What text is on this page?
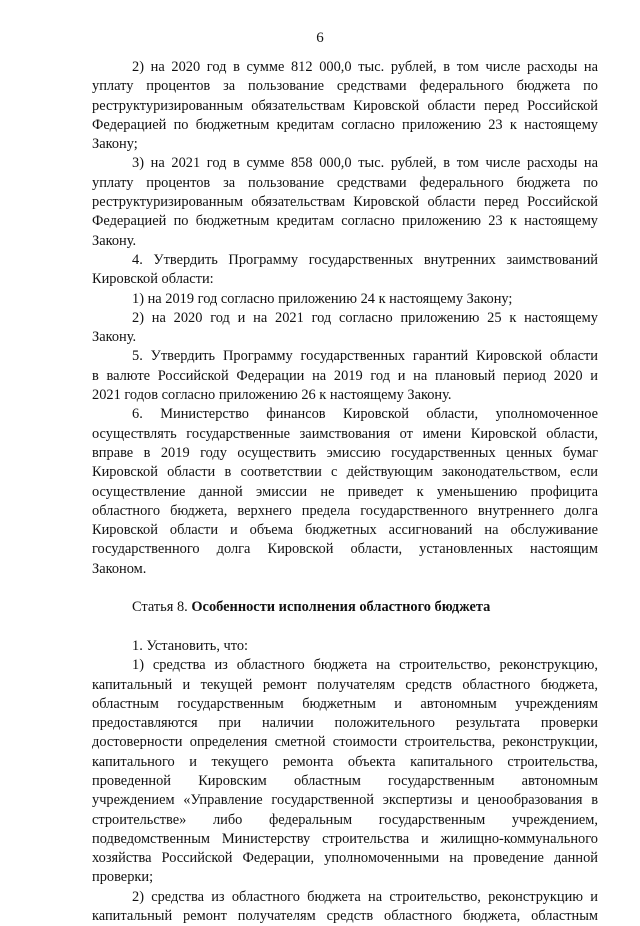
6
2) на 2020 год в сумме 812 000,0 тыс. рублей, в том числе расходы на
уплату процентов за пользование средствами федерального бюджета по
реструктуризированным обязательствам Кировской области перед Российской
Федерацией по бюджетным кредитам согласно приложению 23 к настоящему
Закону;
3) на 2021 год в сумме 858 000,0 тыс. рублей, в том числе расходы на
уплату процентов за пользование средствами федерального бюджета по
реструктуризированным обязательствам Кировской области перед Российской
Федерацией по бюджетным кредитам согласно приложению 23 к настоящему
Закону.
4. Утвердить Программу государственных внутренних заимствований
Кировской области:
1) на 2019 год согласно приложению 24 к настоящему Закону;
2) на 2020 год и на 2021 год согласно приложению 25 к настоящему
Закону.
5. Утвердить Программу государственных гарантий Кировской области
в валюте Российской Федерации на 2019 год и на плановый период 2020 и
2021 годов согласно приложению 26 к настоящему Закону.
6. Министерство финансов Кировской области, уполномоченное
осуществлять государственные заимствования от имени Кировской области,
вправе в 2019 году осуществить эмиссию государственных ценных бумаг
Кировской области в соответствии с действующим законодательством, если
осуществление данной эмиссии не приведет к уменьшению профицита
областного бюджета, верхнего предела государственного внутреннего долга
Кировской области и объема бюджетных ассигнований на обслуживание
государственного долга Кировской области, установленных настоящим
Законом.
Статья 8. Особенности исполнения областного бюджета
1. Установить, что:
1) средства из областного бюджета на строительство, реконструкцию,
капитальный и текущей ремонт получателям средств областного бюджета,
областным государственным бюджетным и автономным учреждениям
предоставляются при наличии положительного результата проверки
достоверности определения сметной стоимости строительства, реконструкции,
капитального и текущего ремонта объекта капитального строительства,
проведенной Кировским областным государственным автономным
учреждением «Управление государственной экспертизы и ценообразования в
строительстве» либо федеральным государственным учреждением,
подведомственным Министерству строительства и жилищно-коммунального
хозяйства Российской Федерации, уполномоченными на проведение данной
проверки;
2) средства из областного бюджета на строительство, реконструкцию и
капитальный ремонт получателям средств областного бюджета, областным
